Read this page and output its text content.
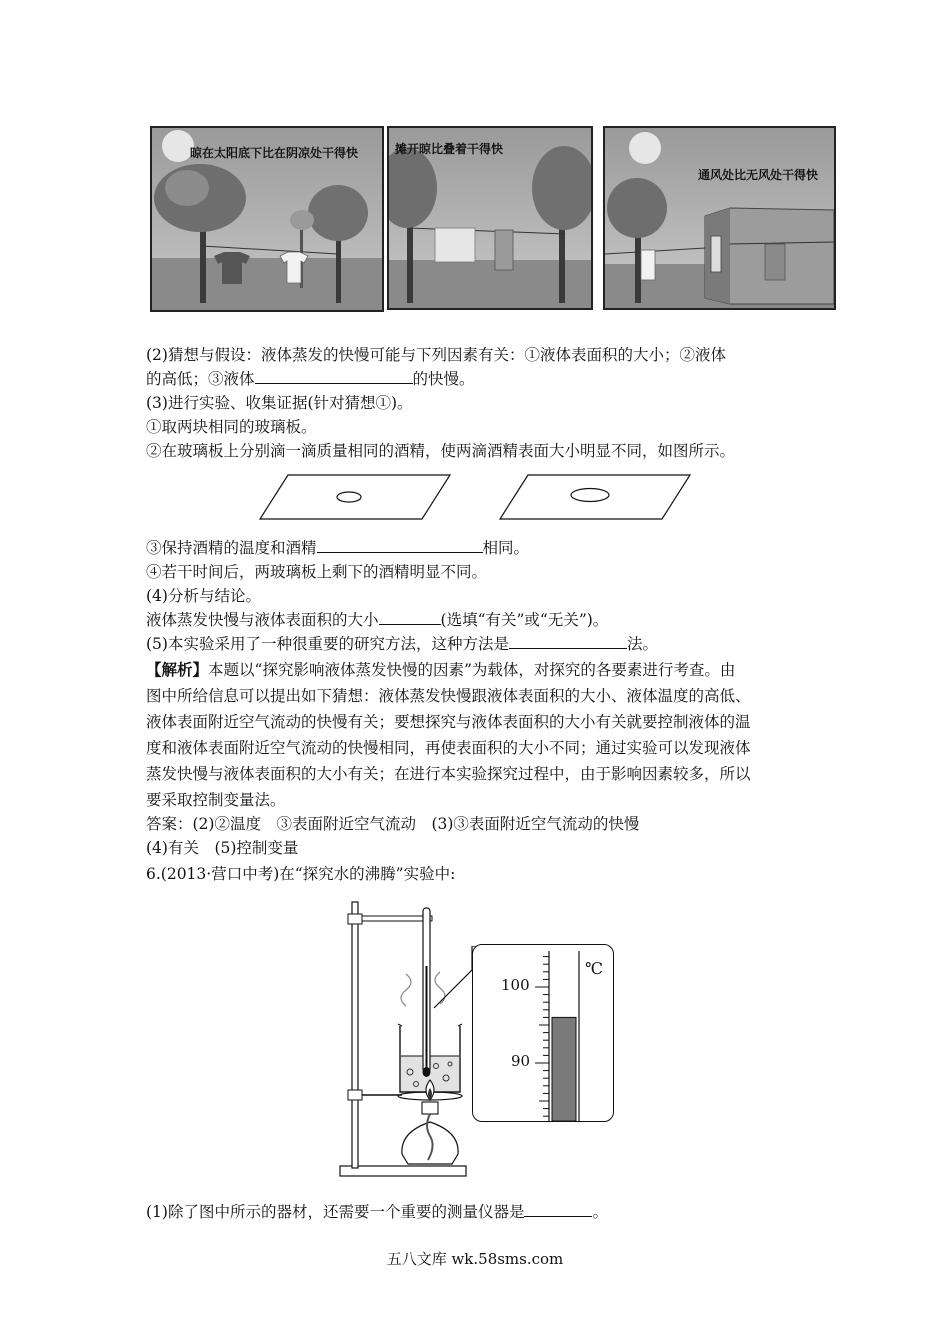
晾在太阳底下比在阴凉处干得快	摊开晾比叠着干得快
通风处比无风处干得快
(2)猜想与假设：液体蒸发的快慢可能与下列因素有关：①液体表面积的大小；②液体
的高低；③液体	的快慢。
(3)进行实验、收集证据(针对猜想①)。
①取两块相同的玻璃板。
②在玻璃板上分别滴一滴质量相同的酒精，使两滴酒精表面大小明显不同，如图所示。
③保持酒精的温度和酒精	相同。
④若干时间后，两玻璃板上剩下的酒精明显不同。
(4)分析与结论。
液体蒸发快慢与液体表面积的大小	(选填“有关”或“无关”)。
(5)本实验采用了一种很重要的研究方法，这种方法是	法。
【解析】本题以“探究影响液体蒸发快慢的因素”为载体，对探究的各要素进行考查。由
图中所给信息可以提出如下猜想：液体蒸发快慢跟液体表面积的大小、液体温度的高低、
液体表面附近空气流动的快慢有关；要想探究与液体表面积的大小有关就要控制液体的温
度和液体表面附近空气流动的快慢相同，再使表面积的大小不同；通过实验可以发现液体
蒸发快慢与液体表面积的大小有关；在进行本实验探究过程中，由于影响因素较多，所以
要采取控制变量法。
答案：(2)②温度　③表面附近空气流动　(3)③表面附近空气流动的快慢
(4)有关　(5)控制变量
6.(2013·营口中考)在“探究水的沸腾”实验中:
℃
100
90
(1)除了图中所示的器材，还需要一个重要的测量仪器是	。
五八文库 wk.58sms.com
